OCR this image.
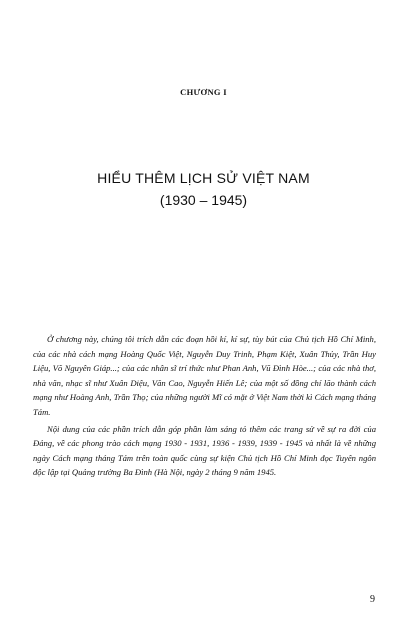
CHƯƠNG I
HIỂU THÊM LỊCH SỬ VIỆT NAM
(1930 – 1945)

Ở chương này, chúng tôi trích dẫn các đoạn hồi kí, kí sự, tùy bút của Chủ tịch Hồ Chí Minh, của các nhà cách mạng Hoàng Quốc Việt, Nguyễn Duy Trinh, Phạm Kiệt, Xuân Thủy, Trần Huy Liệu, Võ Nguyên Giáp...; của các nhân sĩ trí thức như Phan Anh, Vũ Đình Hòe...; của các nhà thơ, nhà văn, nhạc sĩ như Xuân Diệu, Văn Cao, Nguyễn Hiến Lê; của một số đồng chí lão thành cách mạng như Hoàng Anh, Trần Thọ; của những người Mĩ có mặt ở Việt Nam thời kì Cách mạng tháng Tám.

Nội dung của các phần trích dẫn góp phần làm sáng tỏ thêm các trang sử về sự ra đời của Đảng, về các phong trào cách mạng 1930 - 1931, 1936 - 1939, 1939 - 1945 và nhất là về những ngày Cách mạng tháng Tám trên toàn quốc cùng sự kiện Chủ tịch Hồ Chí Minh đọc Tuyên ngôn độc lập tại Quảng trường Ba Đình (Hà Nội, ngày 2 tháng 9 năm 1945.

9
